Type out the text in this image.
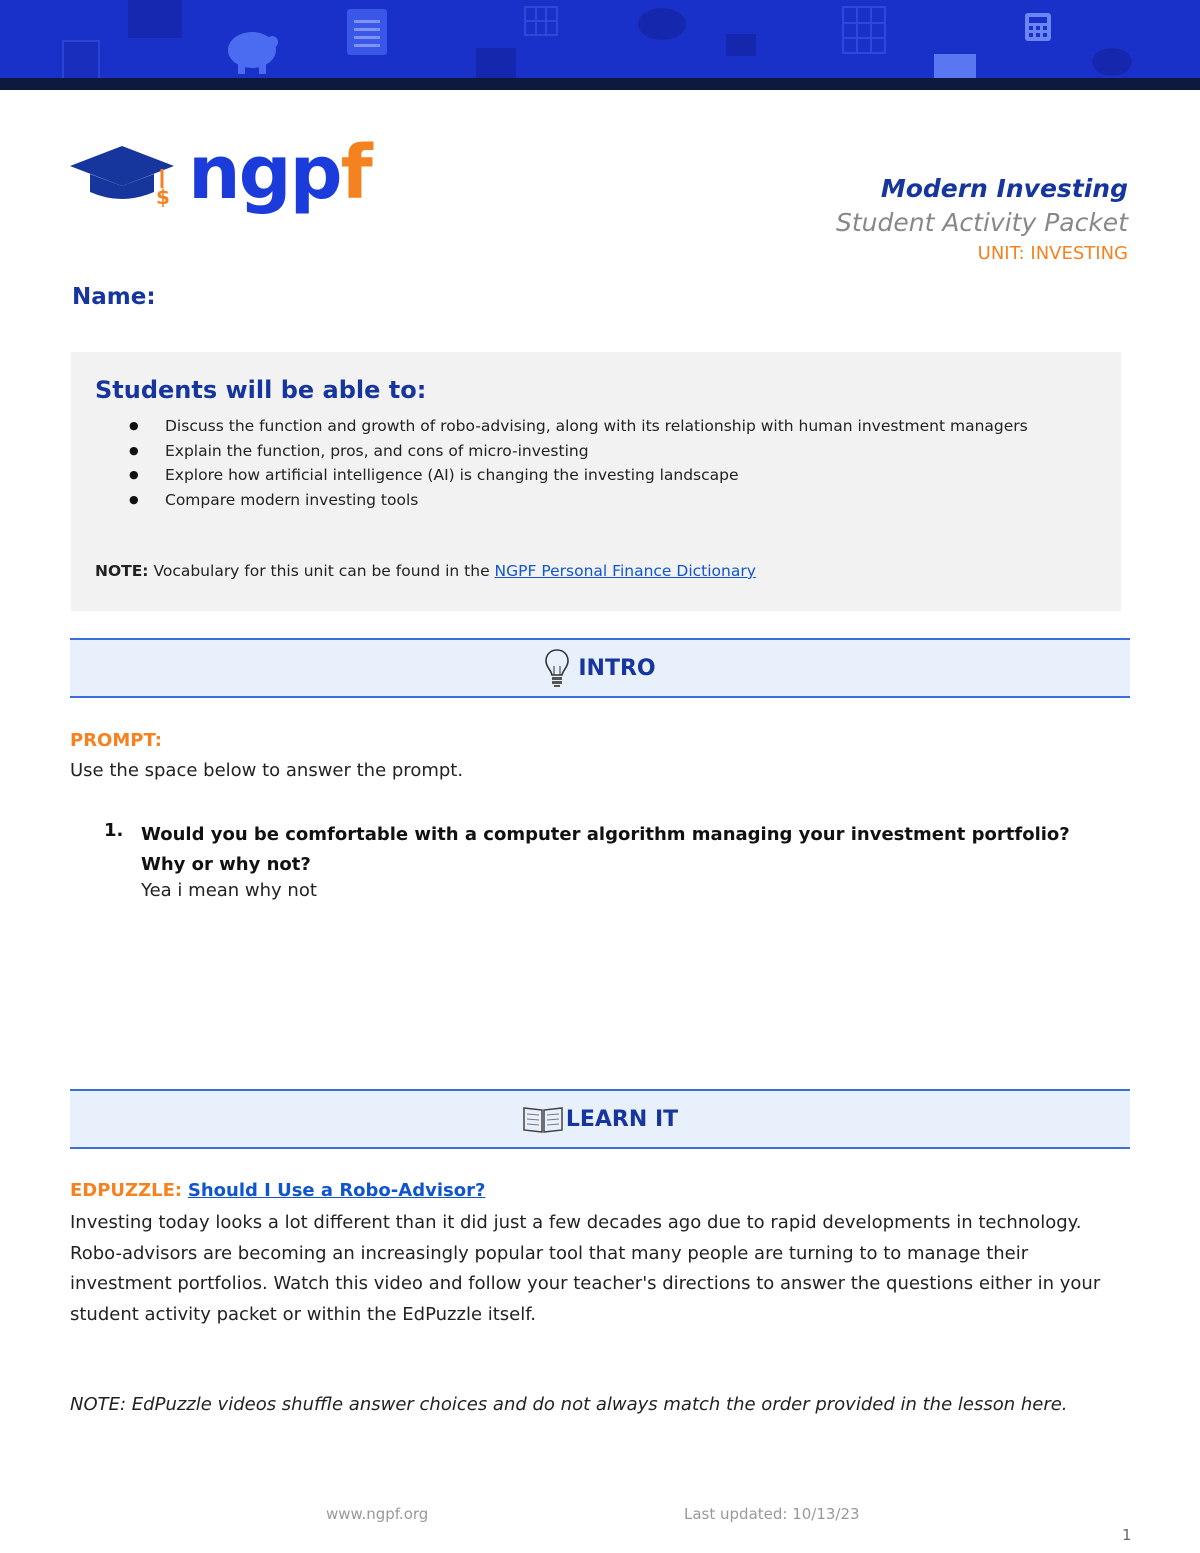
$ ngpf	Modern Investing
Student Activity Packet
UNIT: INVESTING
Name:
Students will be able to:
● Discuss the function and growth of robo-advising, along with its relationship with human investment managers
● Explain the function, pros, and cons of micro-investing
● Explore how artificial intelligence (AI) is changing the investing landscape
● Compare modern investing tools
NOTE: Vocabulary for this unit can be found in the NGPF Personal Finance Dictionary
INTRO
PROMPT:
Use the space below to answer the prompt.
1. Would you be comfortable with a computer algorithm managing your investment portfolio? Why or why not?
Yea i mean why not
LEARN IT
EDPUZZLE: Should I Use a Robo-Advisor?

Investing today looks a lot different than it did just a few decades ago due to rapid developments in technology. Robo-advisors are becoming an increasingly popular tool that many people are turning to to manage their investment portfolios. Watch this video and follow your teacher's directions to answer the questions either in your student activity packet or within the EdPuzzle itself.

NOTE: EdPuzzle videos shuffle answer choices and do not always match the order provided in the lesson here.

www.ngpf.org	Last updated: 10/13/23
1
